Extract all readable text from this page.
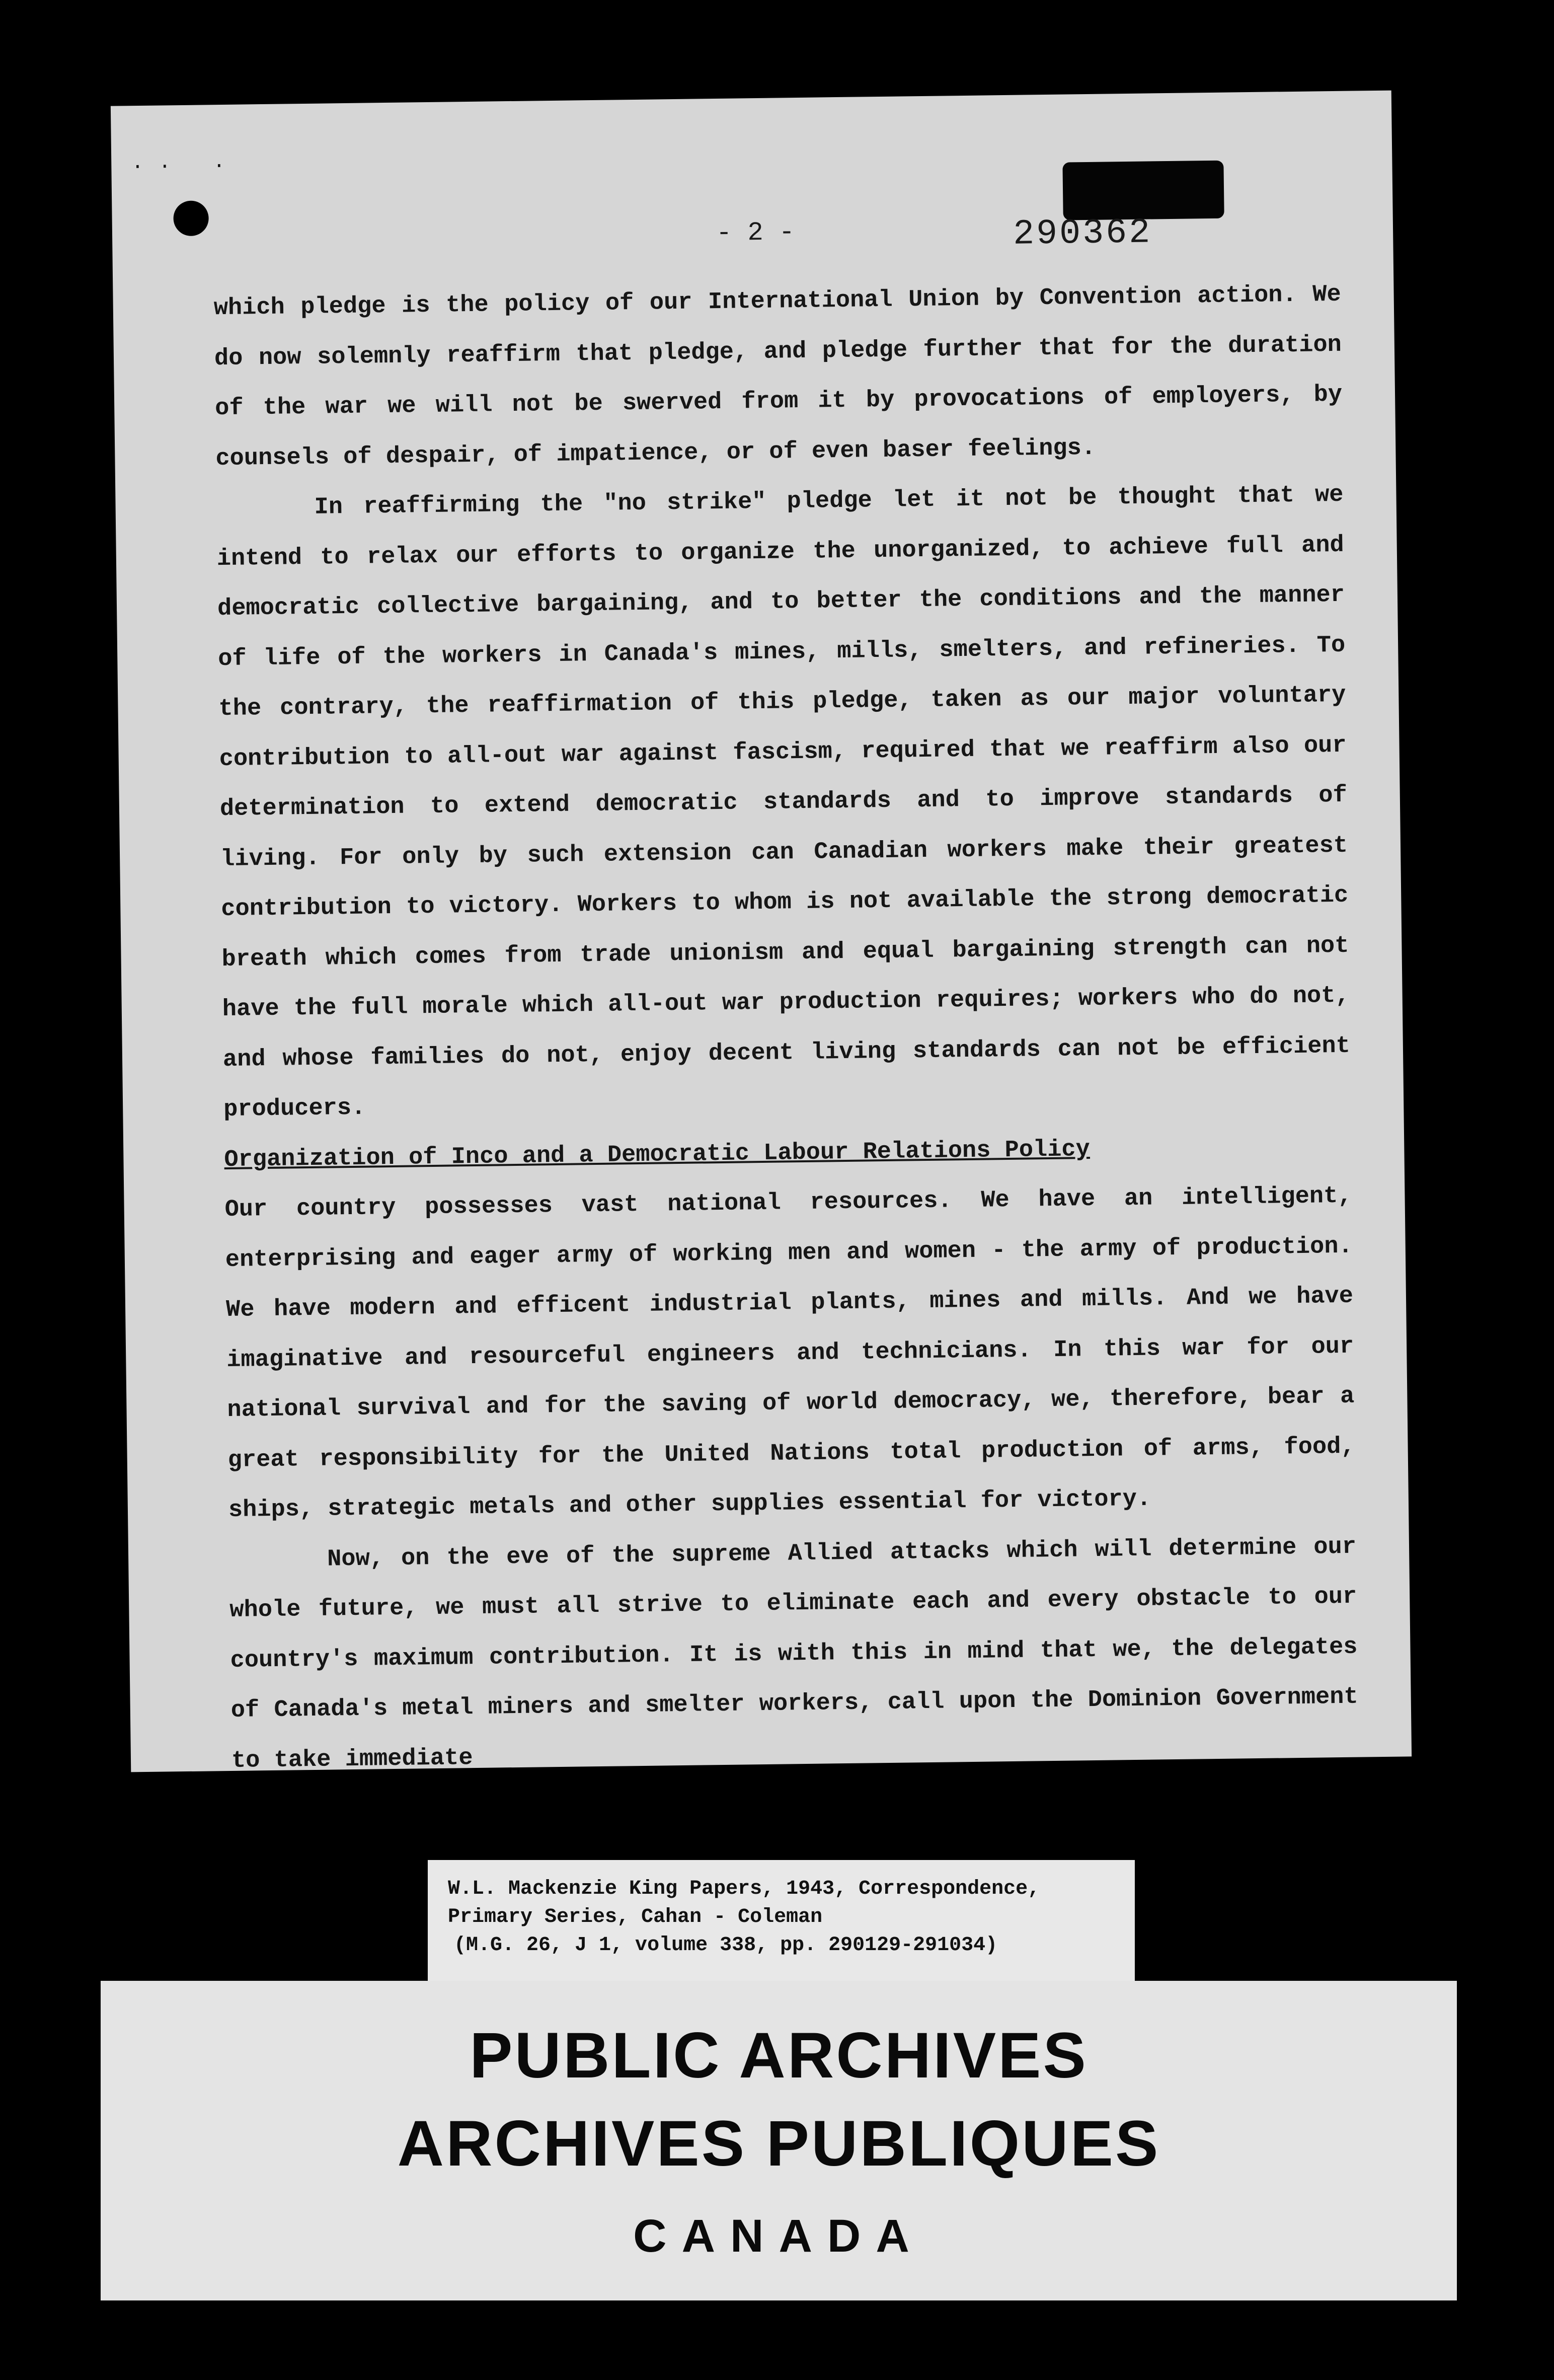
·· ·
- 2 -	290362

which pledge is the policy of our International Union by Convention action. We do now solemnly reaffirm that pledge, and pledge further that for the duration of the war we will not be swerved from it by provocations of employers, by counsels of despair, of impatience, or of even baser feelings.

In reaffirming the "no strike" pledge let it not be thought that we intend to relax our efforts to organize the unorganized, to achieve full and democratic collective bargaining, and to better the conditions and the manner of life of the workers in Canada's mines, mills, smelters, and refineries. To the contrary, the reaffirmation of this pledge, taken as our major voluntary contribution to all-out war against fascism, required that we reaffirm also our determination to extend democratic standards and to improve standards of living. For only by such extension can Canadian workers make their greatest contribution to victory. Workers to whom is not available the strong democratic breath which comes from trade unionism and equal bargaining strength can not have the full morale which all-out war production requires; workers who do not, and whose families do not, enjoy decent living standards can not be efficient producers.

Organization of Inco and a Democratic Labour Relations Policy

Our country possesses vast national resources. We have an intelligent, enterprising and eager army of working men and women - the army of production. We have modern and efficent industrial plants, mines and mills. And we have imaginative and resourceful engineers and technicians. In this war for our national survival and for the saving of world democracy, we, therefore, bear a great responsibility for the United Nations total production of arms, food, ships, strategic metals and other supplies essential for victory.

Now, on the eve of the supreme Allied attacks which will determine our whole future, we must all strive to eliminate each and every obstacle to our country's maximum contribution. It is with this in mind that we, the delegates of Canada's metal miners and smelter workers, call upon the Dominion Government to take immediate

W.L. Mackenzie King Papers, 1943, Correspondence,
Primary Series, Cahan - Coleman
(M.G. 26, J 1, volume 338, pp. 290129-291034)
PUBLIC ARCHIVES
ARCHIVES PUBLIQUES
CANADA
